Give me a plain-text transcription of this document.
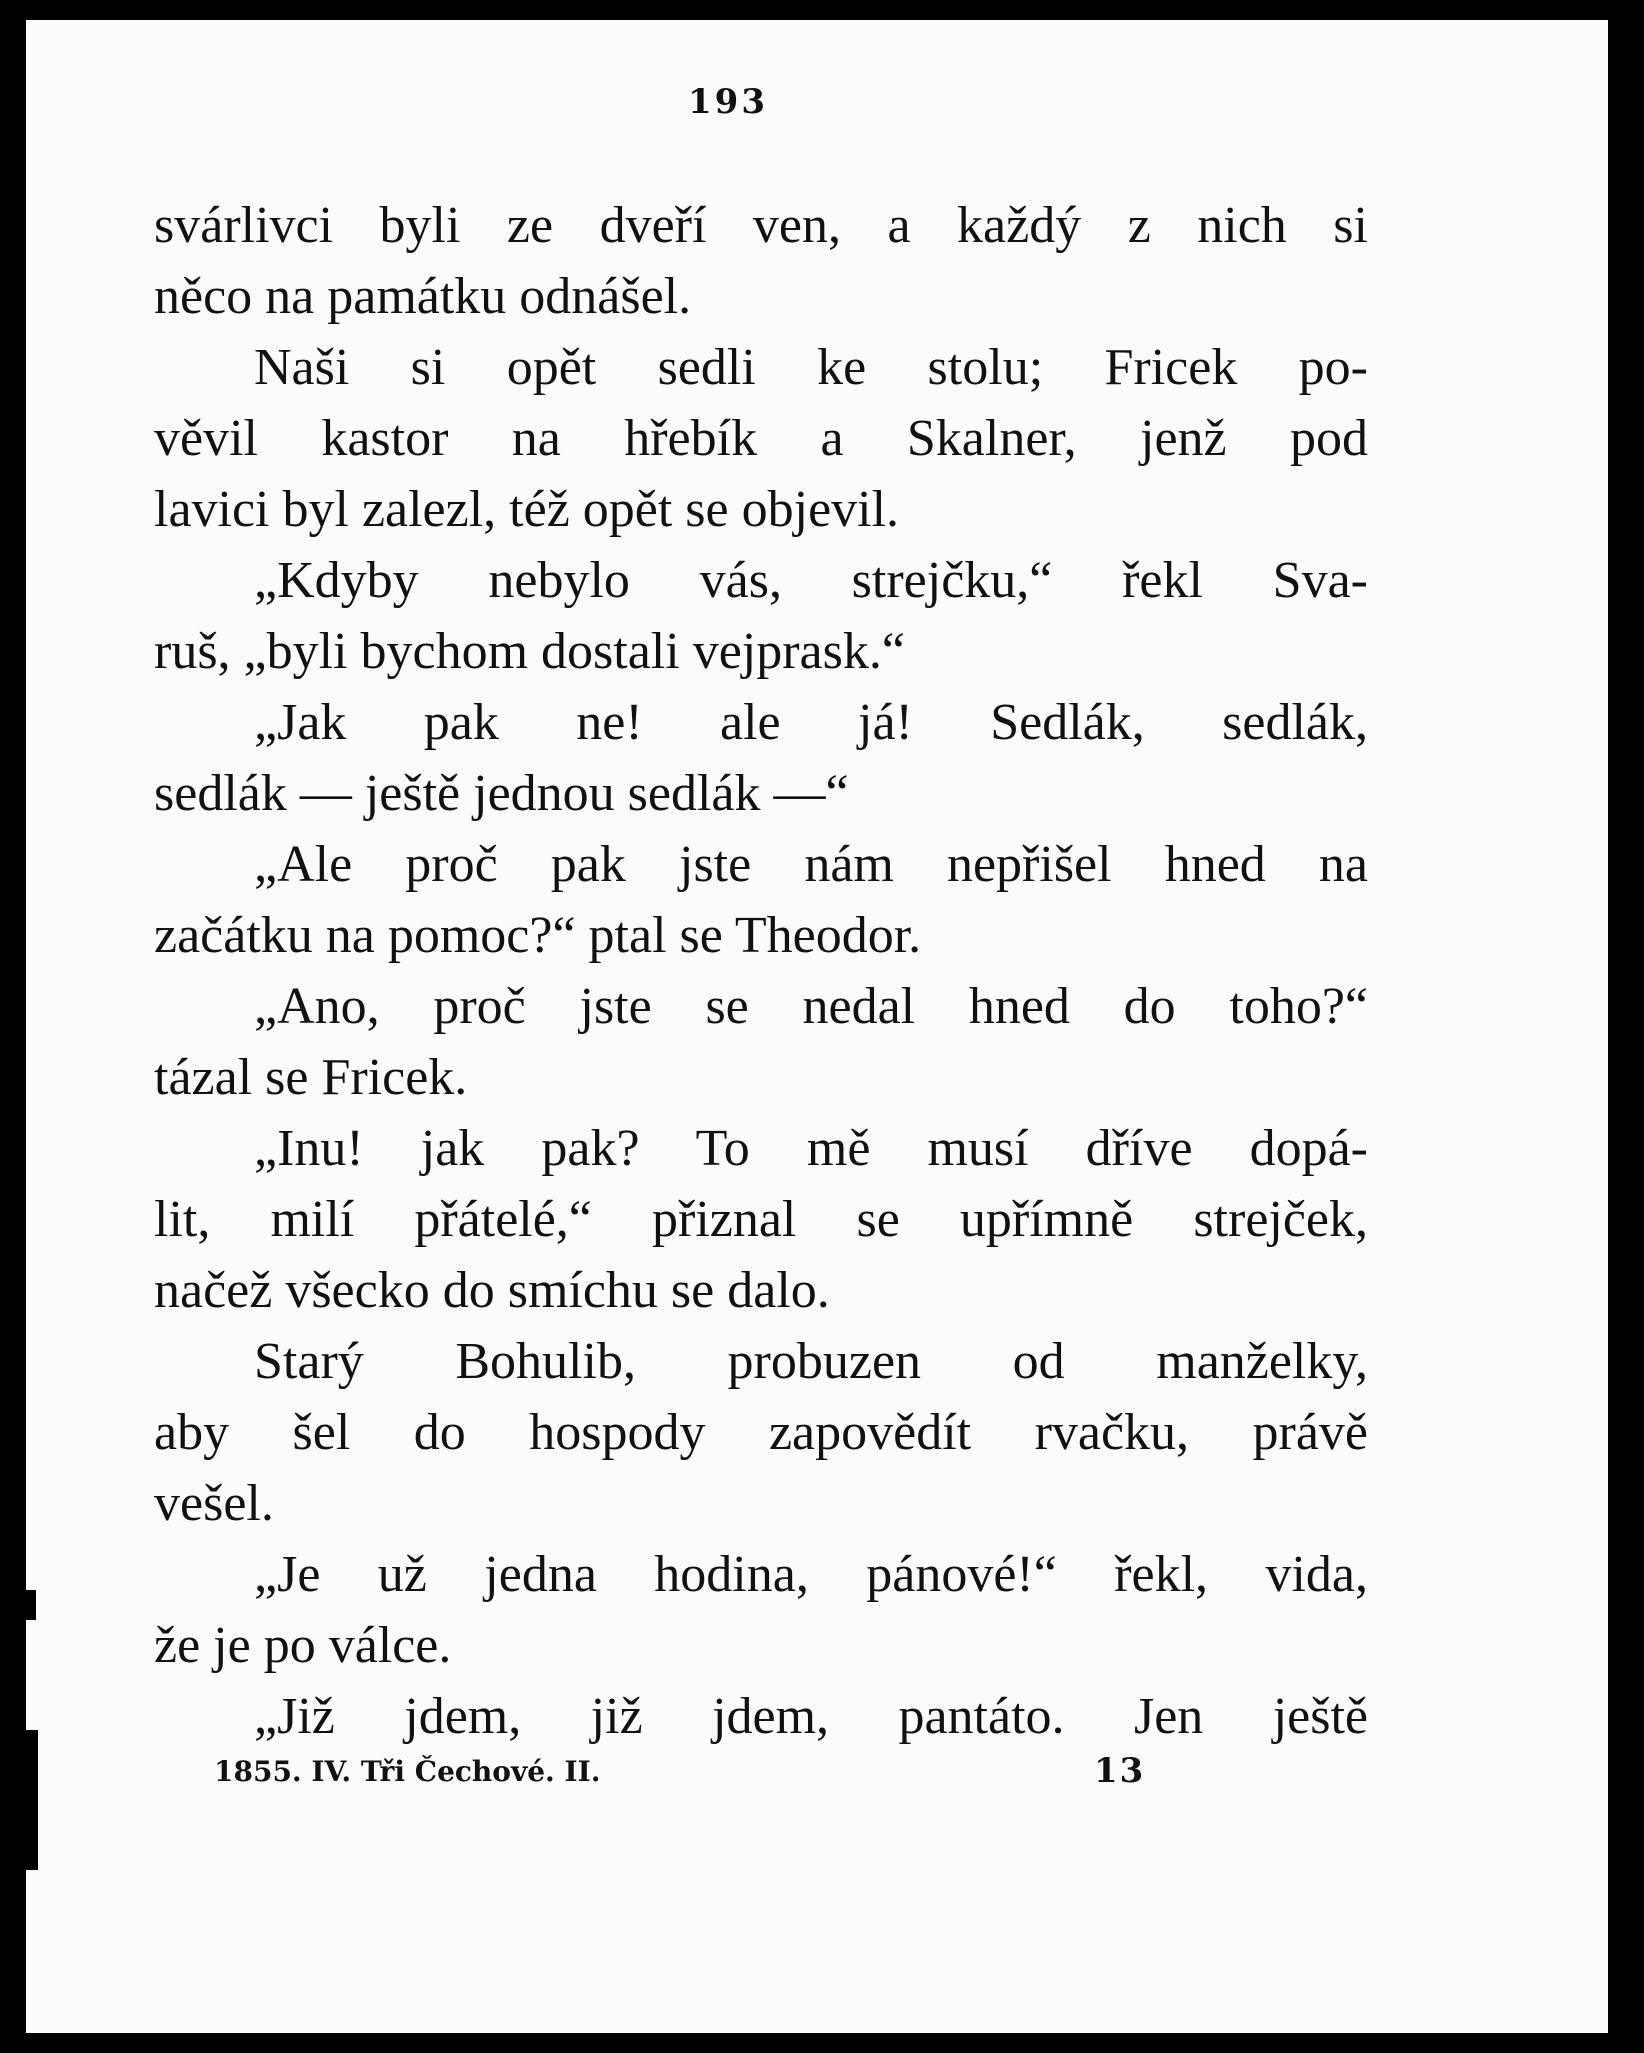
193
svárlivci byli ze dveří ven, a každý z nich si
něco na památku odnášel.
Naši si opět sedli ke stolu; Fricek po-
věvil kastor na hřebík a Skalner, jenž pod
lavici byl zalezl, též opět se objevil.
„Kdyby nebylo vás, strejčku,“ řekl Sva-
ruš, „byli bychom dostali vejprask.“
„Jak pak ne! ale já! Sedlák, sedlák,
sedlák — ještě jednou sedlák —“
„Ale proč pak jste nám nepřišel hned na
začátku na pomoc?“ ptal se Theodor.
„Ano, proč jste se nedal hned do toho?“
tázal se Fricek.
„Inu! jak pak? To mě musí dříve dopá-
lit, milí přátelé,“ přiznal se upřímně strejček,
načež všecko do smíchu se dalo.
Starý Bohulib, probuzen od manželky,
aby šel do hospody zapovědít rvačku, právě
vešel.
„Je už jedna hodina, pánové!“ řekl, vida,
že je po válce.
„Již jdem, již jdem, pantáto. Jen ještě
1855. IV. Tři Čechové. II.	13
